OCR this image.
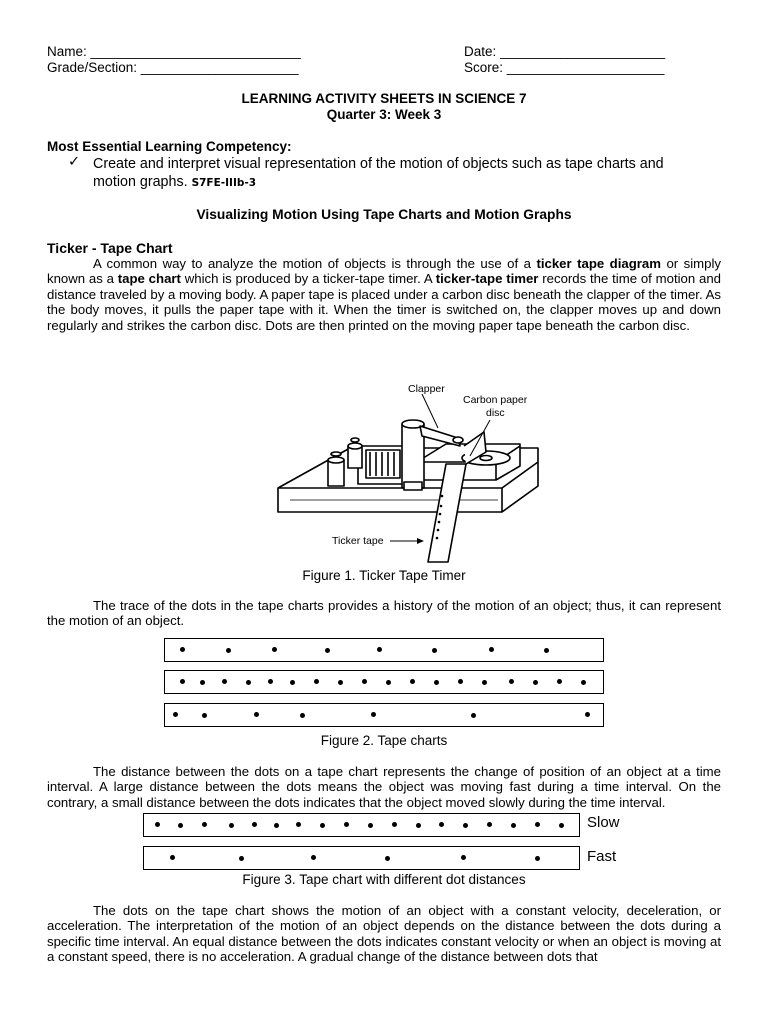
Name: ____________________________	Date: ______________________
Grade/Section: _____________________	Score: _____________________
LEARNING ACTIVITY SHEETS IN SCIENCE 7
Quarter 3: Week 3
Most Essential Learning Competency:
✓ Create and interpret visual representation of the motion of objects such as tape charts and
motion graphs. S7FE-IIIb-3
Visualizing Motion Using Tape Charts and Motion Graphs
Ticker - Tape Chart

A common way to analyze the motion of objects is through the use of a ticker tape diagram or simply known as a tape chart which is produced by a ticker-tape timer. A ticker-tape timer records the time of motion and distance traveled by a moving body. A paper tape is placed under a carbon disc beneath the clapper of the timer. As the body moves, it pulls the paper tape with it. When the timer is switched on, the clapper moves up and down regularly and strikes the carbon disc. Dots are then printed on the moving paper tape beneath the carbon disc.

Clapper
Carbon paper
disc
Ticker tape
Figure 1. Ticker Tape Timer

The trace of the dots in the tape charts provides a history of the motion of an object; thus, it can represent the motion of an object.

Figure 2. Tape charts

The distance between the dots on a tape chart represents the change of position of an object at a time interval. A large distance between the dots means the object was moving fast during a time interval. On the contrary, a small distance between the dots indicates that the object moved slowly during the time interval.

Slow
Fast
Figure 3. Tape chart with different dot distances

The dots on the tape chart shows the motion of an object with a constant velocity, deceleration, or acceleration. The interpretation of the motion of an object depends on the distance between the dots during a specific time interval. An equal distance between the dots indicates constant velocity or when an object is moving at a constant speed, there is no acceleration. A gradual change of the distance between dots that
